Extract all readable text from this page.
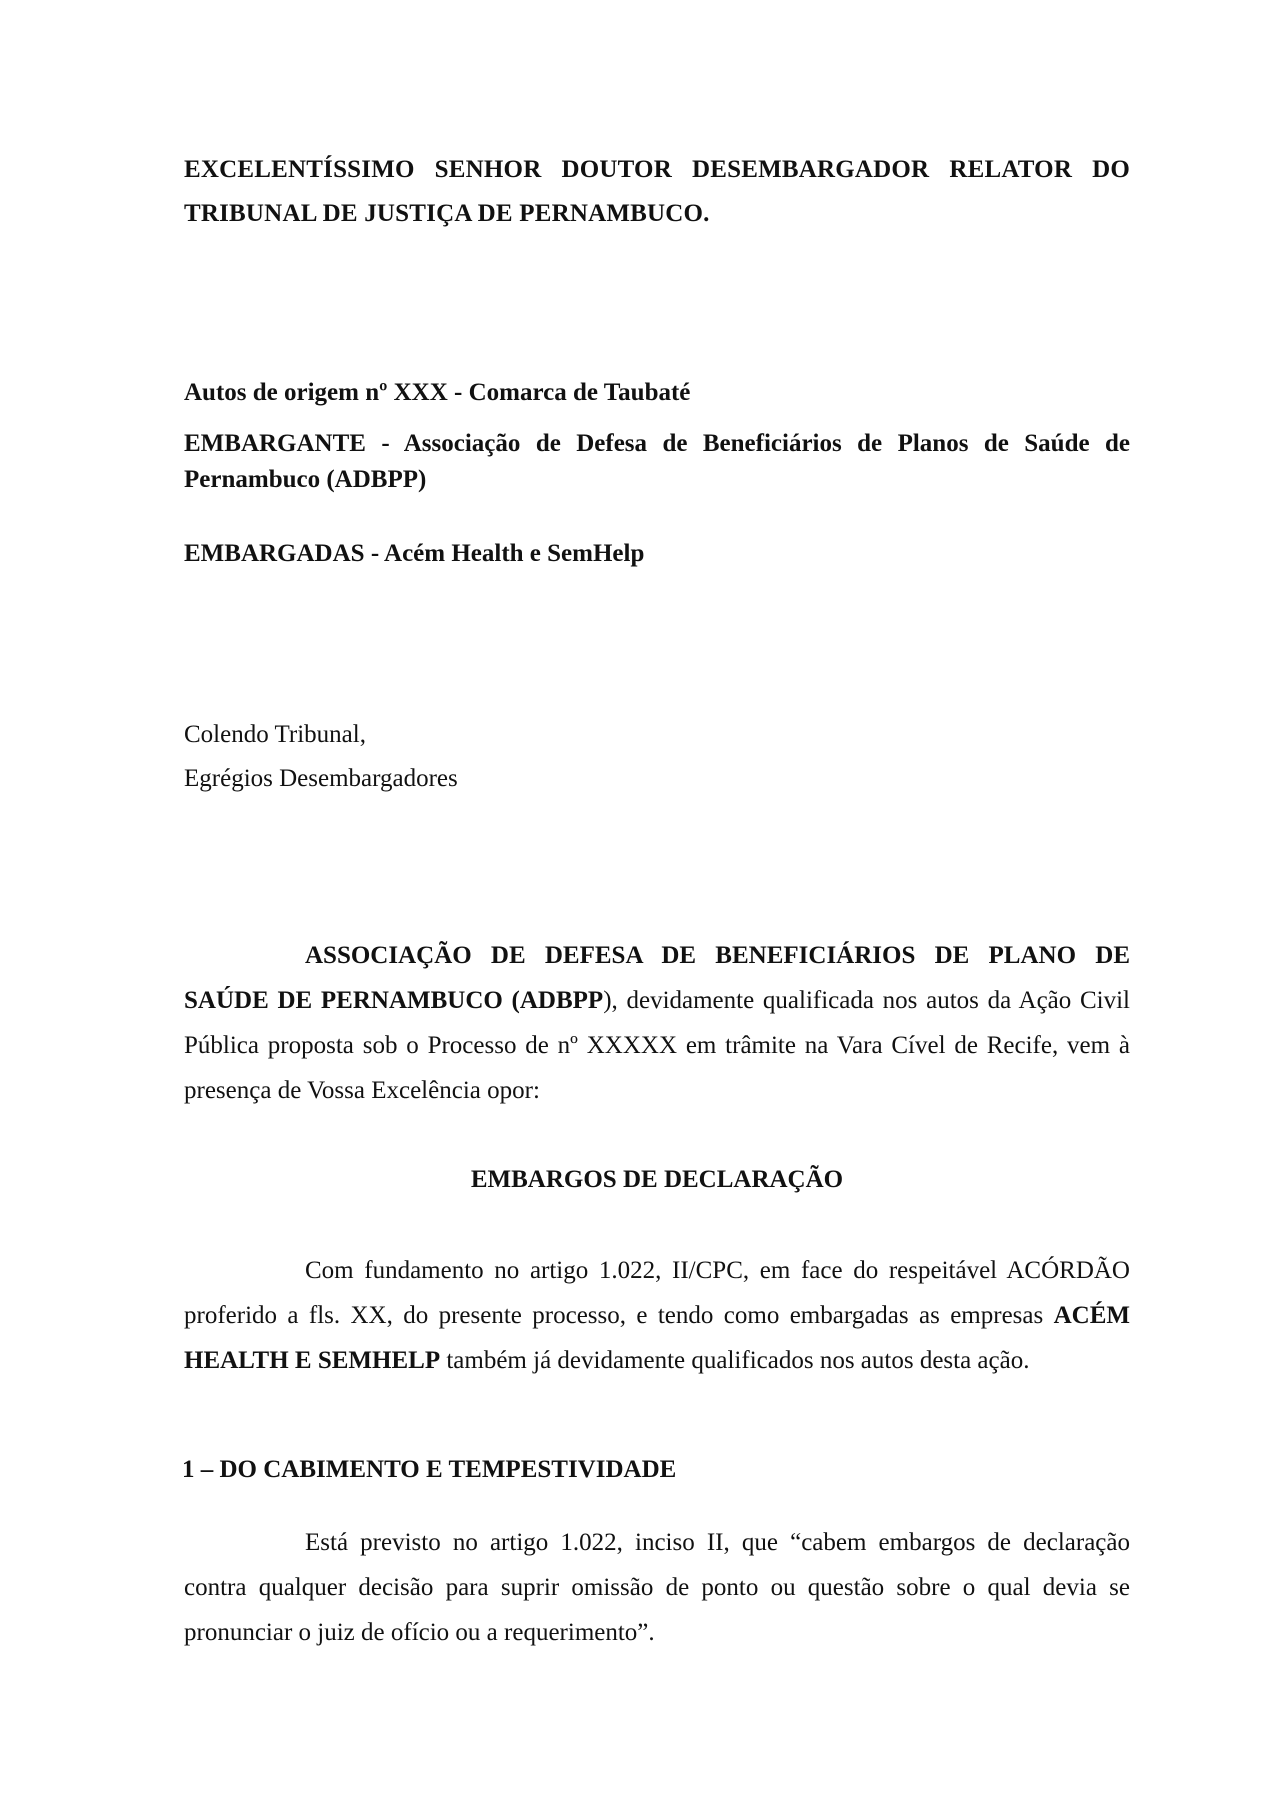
EXCELENTÍSSIMO SENHOR DOUTOR DESEMBARGADOR RELATOR DO TRIBUNAL DE JUSTIÇA DE PERNAMBUCO.
Autos de origem nº XXX - Comarca de Taubaté
EMBARGANTE - Associação de Defesa de Beneficiários de Planos de Saúde de Pernambuco (ADBPP)
EMBARGADAS - Acém Health e SemHelp
Colendo Tribunal,
Egrégios Desembargadores
ASSOCIAÇÃO DE DEFESA DE BENEFICIÁRIOS DE PLANO DE SAÚDE DE PERNAMBUCO (ADBPP), devidamente qualificada nos autos da Ação Civil Pública proposta sob o Processo de nº XXXXX em trâmite na Vara Cível de Recife, vem à presença de Vossa Excelência opor:
EMBARGOS DE DECLARAÇÃO
Com fundamento no artigo 1.022, II/CPC, em face do respeitável ACÓRDÃO proferido a fls. XX, do presente processo, e tendo como embargadas as empresas ACÉM HEALTH E SEMHELP também já devidamente qualificados nos autos desta ação.
1 – DO CABIMENTO E TEMPESTIVIDADE
Está previsto no artigo 1.022, inciso II, que “cabem embargos de declaração contra qualquer decisão para suprir omissão de ponto ou questão sobre o qual devia se pronunciar o juiz de ofício ou a requerimento”.
